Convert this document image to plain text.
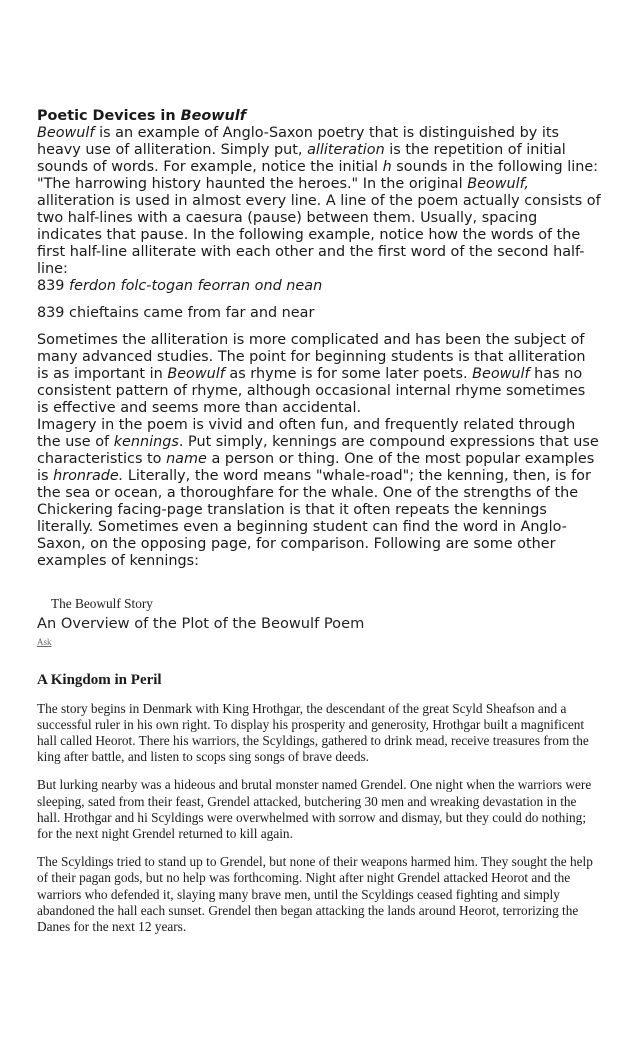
Poetic Devices in Beowulf

Beowulf is an example of Anglo-Saxon poetry that is distinguished by its heavy use of alliteration. Simply put, alliteration is the repetition of initial sounds of words. For example, notice the initial h sounds in the following line: "The harrowing history haunted the heroes." In the original Beowulf, alliteration is used in almost every line. A line of the poem actually consists of two half-lines with a caesura (pause) between them. Usually, spacing indicates that pause. In the following example, notice how the words of the first half-line alliterate with each other and the first word of the second half-line:

839 ferdon folc-togan feorran ond nean

839 chieftains came from far and near

Sometimes the alliteration is more complicated and has been the subject of many advanced studies. The point for beginning students is that alliteration is as important in Beowulf as rhyme is for some later poets. Beowulf has no consistent pattern of rhyme, although occasional internal rhyme sometimes is effective and seems more than accidental.

Imagery in the poem is vivid and often fun, and frequently related through the use of kennings. Put simply, kennings are compound expressions that use characteristics to name a person or thing. One of the most popular examples is hronrade. Literally, the word means "whale-road"; the kenning, then, is for the sea or ocean, a thoroughfare for the whale. One of the strengths of the Chickering facing-page translation is that it often repeats the kennings literally. Sometimes even a beginning student can find the word in Anglo-Saxon, on the opposing page, for comparison. Following are some other examples of kennings:

The Beowulf Story
An Overview of the Plot of the Beowulf Poem
Ask
A Kingdom in Peril

The story begins in Denmark with King Hrothgar, the descendant of the great Scyld Sheafson and a successful ruler in his own right. To display his prosperity and generosity, Hrothgar built a magnificent hall called Heorot. There his warriors, the Scyldings, gathered to drink mead, receive treasures from the king after battle, and listen to scops sing songs of brave deeds.

But lurking nearby was a hideous and brutal monster named Grendel. One night when the warriors were sleeping, sated from their feast, Grendel attacked, butchering 30 men and wreaking devastation in the hall. Hrothgar and hi Scyldings were overwhelmed with sorrow and dismay, but they could do nothing; for the next night Grendel returned to kill again.

The Scyldings tried to stand up to Grendel, but none of their weapons harmed him. They sought the help of their pagan gods, but no help was forthcoming. Night after night Grendel attacked Heorot and the warriors who defended it, slaying many brave men, until the Scyldings ceased fighting and simply abandoned the hall each sunset. Grendel then began attacking the lands around Heorot, terrorizing the Danes for the next 12 years.
